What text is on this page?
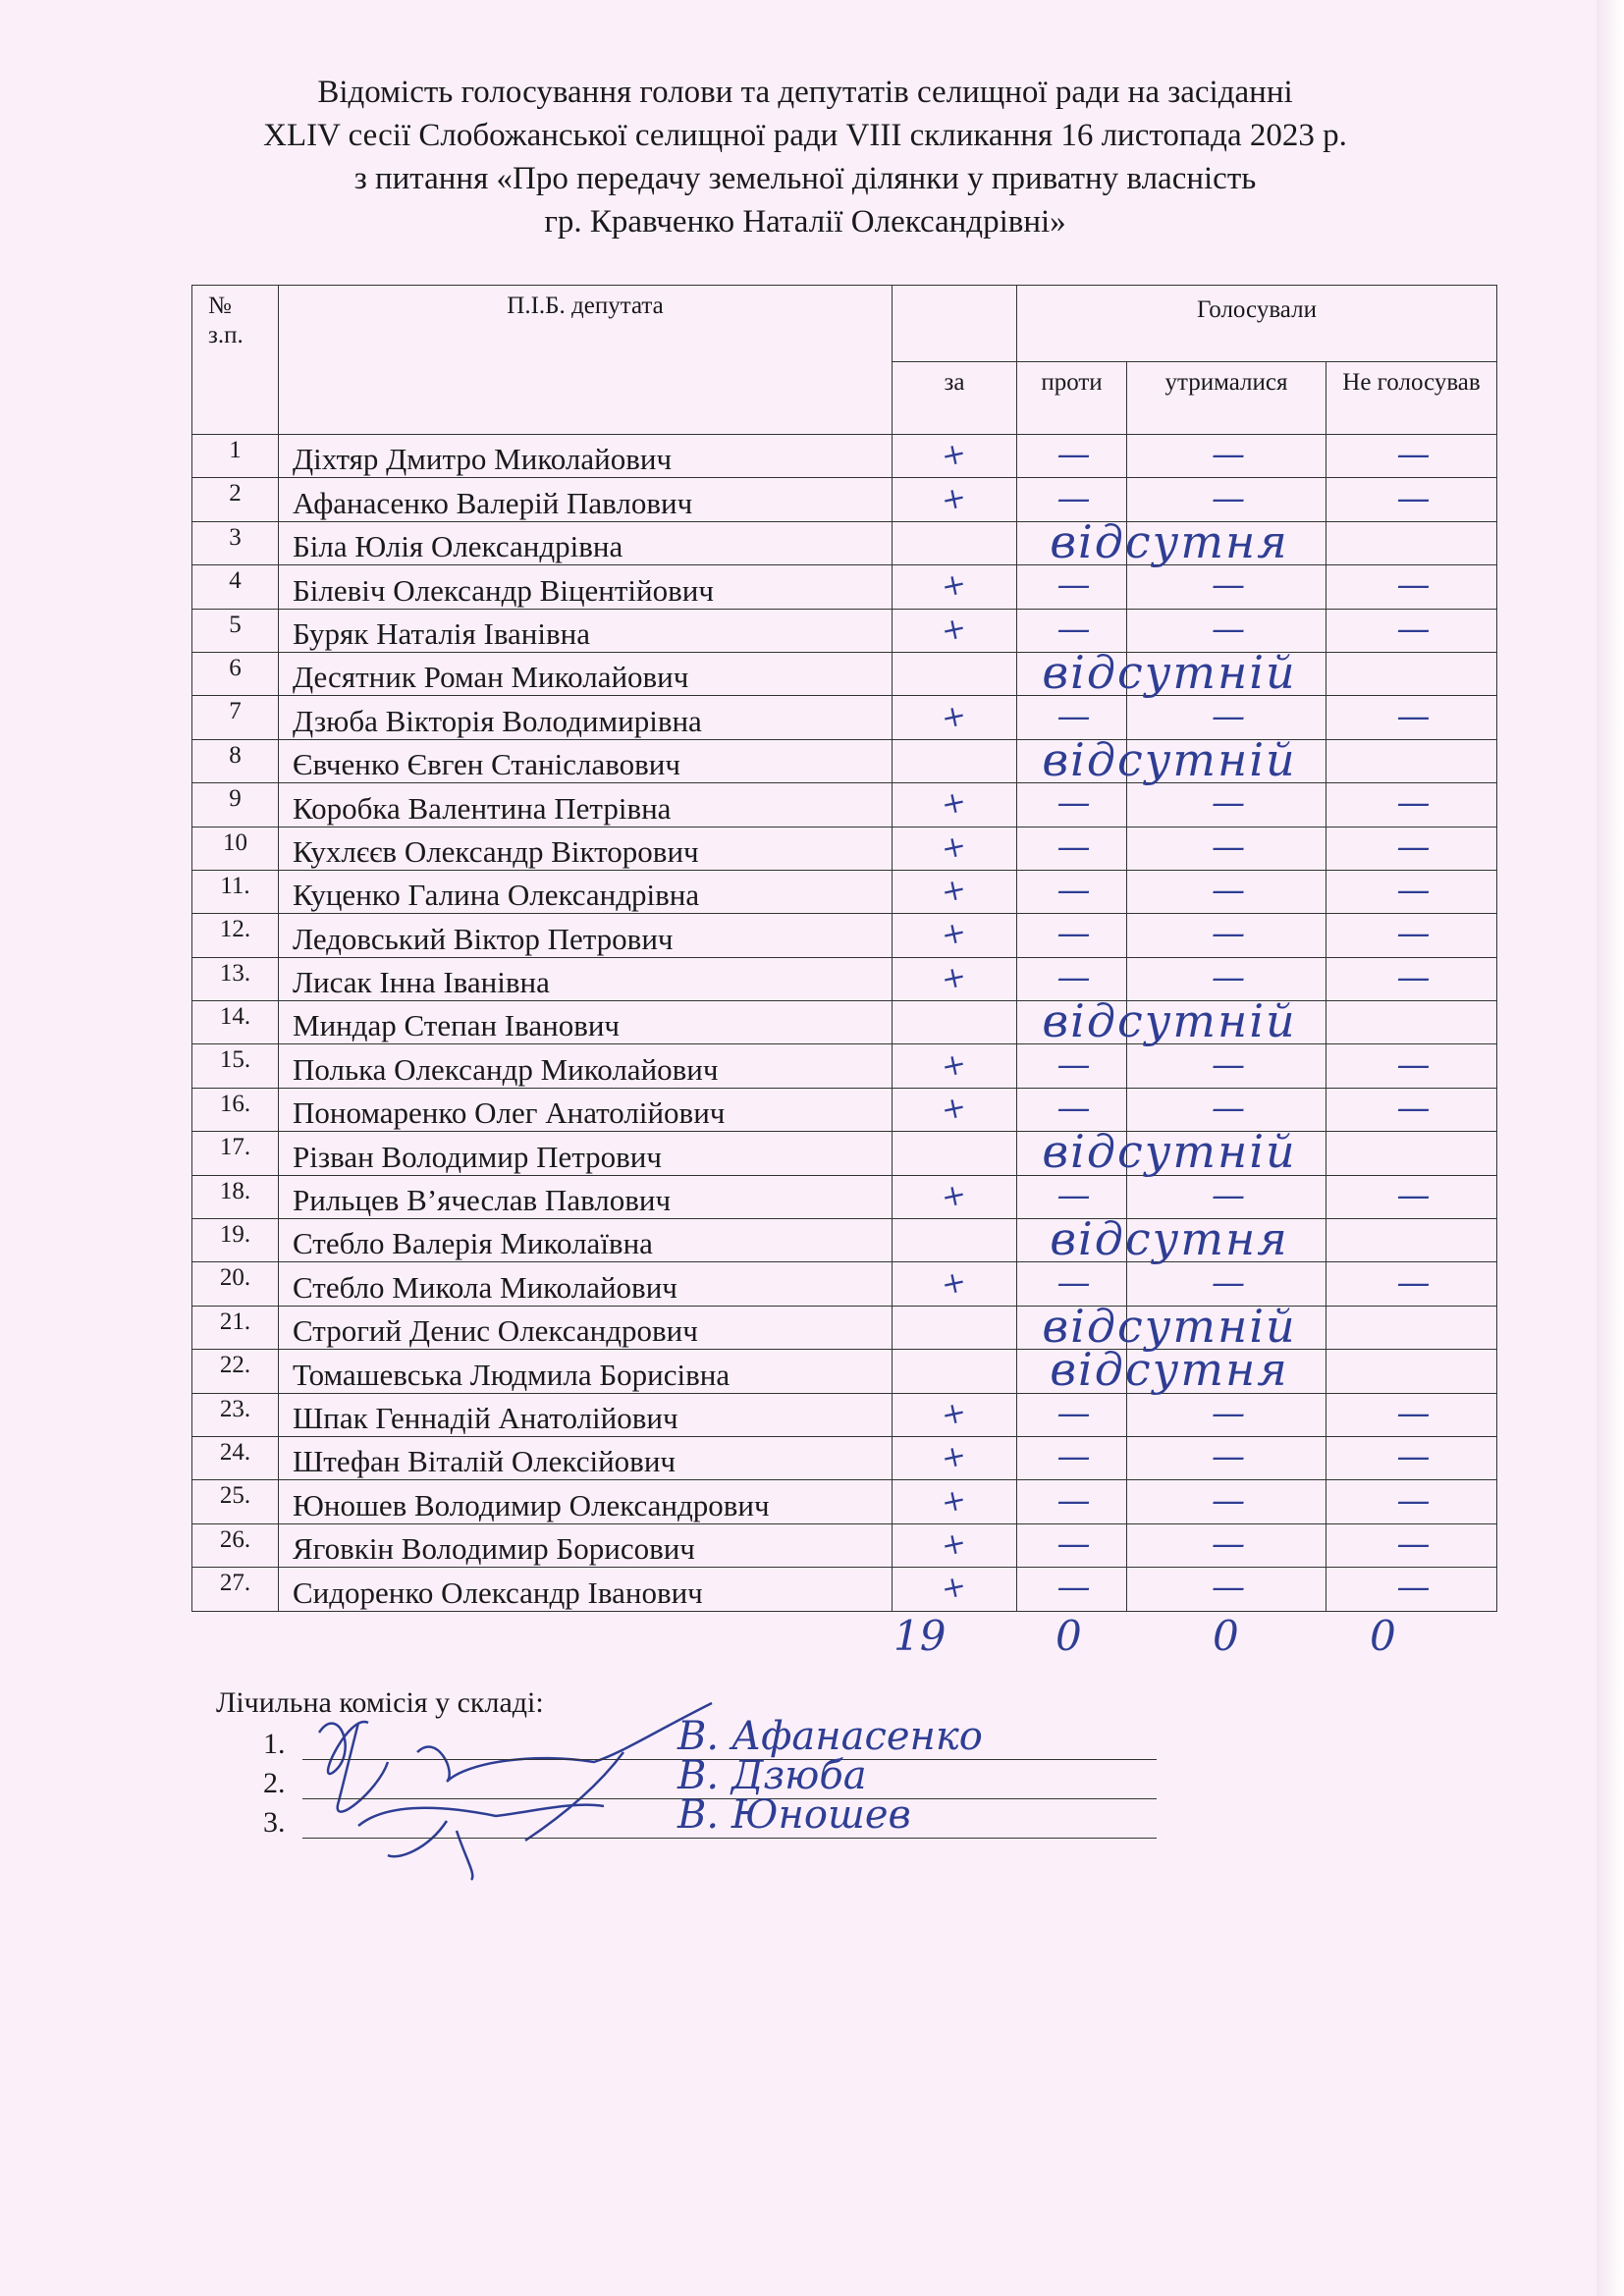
Відомість голосування голови та депутатів селищної ради на засіданні
XLIV сесії Слобожанської селищної ради VIII скликання 16 листопада 2023 р.
з питання «Про передачу земельної ділянки у приватну власність
гр. Кравченко Наталії Олександрівні»
№ з.п.	П.І.Б. депутата		Голосували		
		за	проти	утрималися	Не голосував
1	Діхтяр Дмитро Миколайович	+	—	—	—
2	Афанасенко Валерій Павлович	+	—	—	—
3	Біла Юлія Олександрівна		відсутня		

4	Білевіч Олександр Віцентійович	+	—	—	—
5	Буряк Наталія Іванівна	+	—	—	—
6	Десятник Роман Миколайович		відсутній		

7	Дзюба Вікторія Володимирівна	+	—	—	—
8	Євченко Євген Станіславович		відсутній		

9	Коробка Валентина Петрівна	+	—	—	—
10	Кухлєєв Олександр Вікторович	+	—	—	—
11.	Куценко Галина Олександрівна	+	—	—	—
12.	Ледовський Віктор Петрович	+	—	—	—
13.	Лисак Інна Іванівна	+	—	—	—
14.	Миндар Степан Іванович		відсутній		

15.	Полька Олександр Миколайович	+	—	—	—
16.	Пономаренко Олег Анатолійович	+	—	—	—
17.	Різван Володимир Петрович		відсутній		

18.	Рильцев В’ячеслав Павлович	+	—	—	—
19.	Стебло Валерія Миколаївна		відсутня		

20.	Стебло Микола Миколайович	+	—	—	—
21.	Строгий Денис Олександрович		відсутній		

22.	Томашевська Людмила Борисівна		відсутня		

23.	Шпак Геннадій Анатолійович	+	—	—	—
24.	Штефан Віталій Олексійович	+	—	—	—
25.	Юношев Володимир Олександрович	+	—	—	—
26.	Яговкін Володимир Борисович	+	—	—	—
27.	Сидоренко Олександр Іванович	+	—	—	—
19	0	0	0
Лічильна комісія у складі:
1.	В. Афанасенко
2.	В. Дзюба
3.	В. Юношев
